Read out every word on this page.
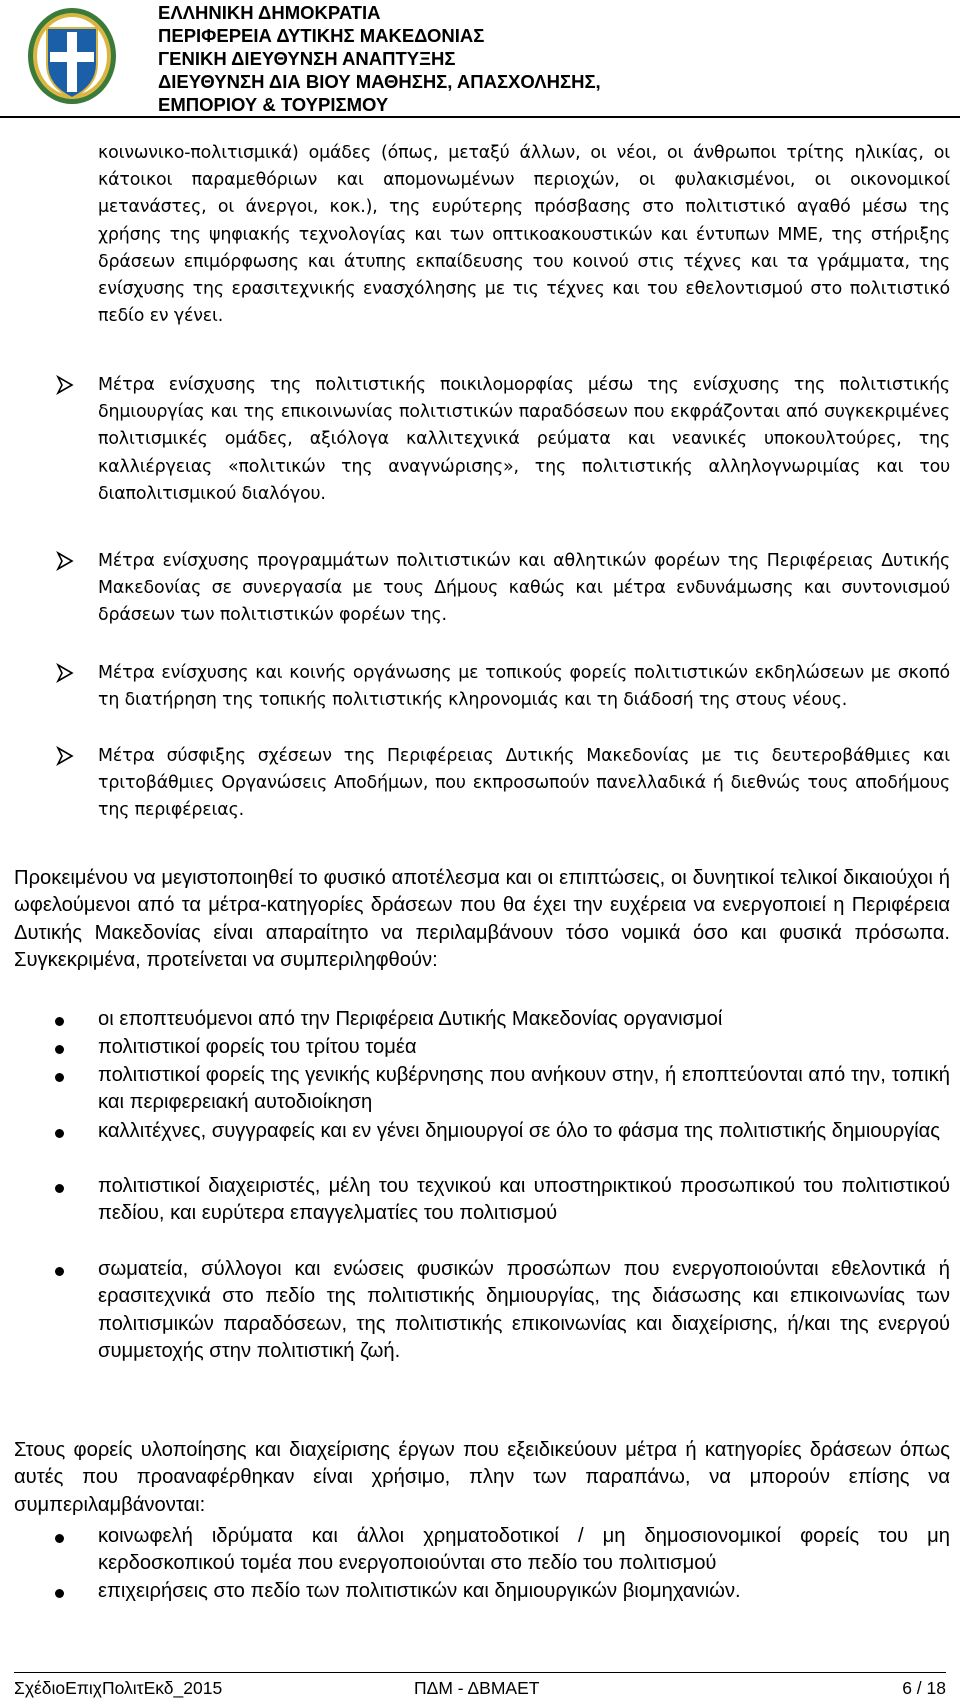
ΕΛΛΗΝΙΚΗ ΔΗΜΟΚΡΑΤΙΑ
ΠΕΡΙΦΕΡΕΙΑ ΔΥΤΙΚΗΣ ΜΑΚΕΔΟΝΙΑΣ
ΓΕΝΙΚΗ ΔΙΕΥΘΥΝΣΗ ΑΝΑΠΤΥΞΗΣ
ΔΙΕΥΘΥΝΣΗ ΔΙΑ ΒΙΟΥ ΜΑΘΗΣΗΣ, ΑΠΑΣΧΟΛΗΣΗΣ,
ΕΜΠΟΡΙΟΥ & ΤΟΥΡΙΣΜΟΥ
κοινωνικο-πολιτισμικά) ομάδες (όπως, μεταξύ άλλων, οι νέοι, οι άνθρωποι τρίτης ηλικίας, οι κάτοικοι παραμεθόριων και απομονωμένων περιοχών, οι φυλακισμένοι, οι οικονομικοί μετανάστες, οι άνεργοι, κοκ.), της ευρύτερης πρόσβασης στο πολιτιστικό αγαθό μέσω της χρήσης της ψηφιακής τεχνολογίας και των οπτικοακουστικών και έντυπων ΜΜΕ, της στήριξης δράσεων επιμόρφωσης και άτυπης εκπαίδευσης του κοινού στις τέχνες και τα γράμματα, της ενίσχυσης της ερασιτεχνικής ενασχόλησης με τις τέχνες και του εθελοντισμού στο πολιτιστικό πεδίο εν γένει.
Μέτρα ενίσχυσης της πολιτιστικής ποικιλομορφίας μέσω της ενίσχυσης της πολιτιστικής δημιουργίας και της επικοινωνίας πολιτιστικών παραδόσεων που εκφράζονται από συγκεκριμένες πολιτισμικές ομάδες, αξιόλογα καλλιτεχνικά ρεύματα και νεανικές υποκουλτούρες, της καλλιέργειας «πολιτικών της αναγνώρισης», της πολιτιστικής αλληλογνωριμίας και του διαπολιτισμικού διαλόγου.
Μέτρα ενίσχυσης προγραμμάτων πολιτιστικών και αθλητικών φορέων της Περιφέρειας Δυτικής Μακεδονίας σε συνεργασία με τους Δήμους καθώς και μέτρα ενδυνάμωσης και συντονισμού δράσεων των πολιτιστικών φορέων της.
Μέτρα ενίσχυσης και κοινής οργάνωσης με τοπικούς φορείς πολιτιστικών εκδηλώσεων με σκοπό τη διατήρηση της τοπικής πολιτιστικής κληρονομιάς και τη διάδοσή της στους νέους.
Μέτρα σύσφιξης σχέσεων της Περιφέρειας Δυτικής Μακεδονίας με τις δευτεροβάθμιες και τριτοβάθμιες Οργανώσεις Αποδήμων, που εκπροσωπούν πανελλαδικά ή διεθνώς τους αποδήμους της περιφέρειας.
Προκειμένου να μεγιστοποιηθεί το φυσικό αποτέλεσμα και οι επιπτώσεις, οι δυνητικοί τελικοί δικαιούχοι ή ωφελούμενοι από τα μέτρα-κατηγορίες δράσεων που θα έχει την ευχέρεια να ενεργοποιεί η Περιφέρεια Δυτικής Μακεδονίας είναι απαραίτητο να περιλαμβάνουν τόσο νομικά όσο και φυσικά πρόσωπα. Συγκεκριμένα, προτείνεται να συμπεριληφθούν:
οι εποπτευόμενοι από την Περιφέρεια Δυτικής Μακεδονίας οργανισμοί
πολιτιστικοί φορείς του τρίτου τομέα
πολιτιστικοί φορείς της γενικής κυβέρνησης που ανήκουν στην, ή εποπτεύονται από την, τοπική και περιφερειακή αυτοδιοίκηση
καλλιτέχνες, συγγραφείς και εν γένει δημιουργοί σε όλο το φάσμα της πολιτιστικής δημιουργίας
πολιτιστικοί διαχειριστές, μέλη του τεχνικού και υποστηρικτικού προσωπικού του πολιτιστικού πεδίου, και ευρύτερα επαγγελματίες του πολιτισμού
σωματεία, σύλλογοι και ενώσεις φυσικών προσώπων που ενεργοποιούνται εθελοντικά ή ερασιτεχνικά στο πεδίο της πολιτιστικής δημιουργίας, της διάσωσης και επικοινωνίας των πολιτισμικών παραδόσεων, της πολιτιστικής επικοινωνίας και διαχείρισης, ή/και της ενεργού συμμετοχής στην πολιτιστική ζωή.
Στους φορείς υλοποίησης και διαχείρισης έργων που εξειδικεύουν μέτρα ή κατηγορίες δράσεων όπως αυτές που προαναφέρθηκαν είναι χρήσιμο, πλην των παραπάνω, να μπορούν επίσης να συμπεριλαμβάνονται:
κοινωφελή ιδρύματα και άλλοι χρηματοδοτικοί / μη δημοσιονομικοί φορείς του μη κερδοσκοπικού τομέα που ενεργοποιούνται στο πεδίο του πολιτισμού
επιχειρήσεις στο πεδίο των πολιτιστικών και δημιουργικών βιομηχανιών.
ΣχέδιοΕπιχΠολιτΕκδ_2015	ΠΔΜ - ΔΒΜΑΕΤ	6 / 18
